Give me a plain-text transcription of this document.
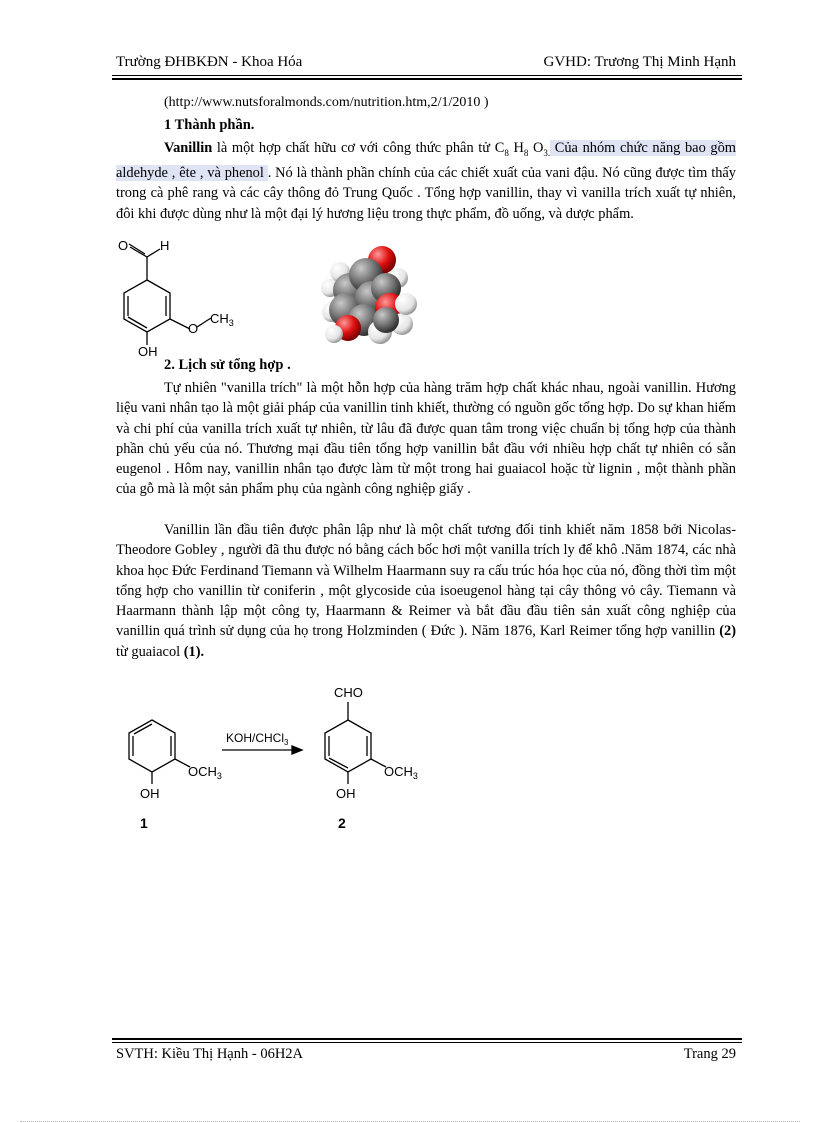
Trường ĐHBKĐN - Khoa Hóa	GVHD: Trương Thị Minh Hạnh
(http://www.nutsforalmonds.com/nutrition.htm,2/1/2010 )
1 Thành phần.
Vanillin là một hợp chất hữu cơ với công thức phân tử $C_8$ $H_8$ $O_{3.}$ Của nhóm chức năng bao gồm aldehyde , ête , và phenol . Nó là thành phần chính của các chiết xuất của vani đậu. Nó cũng được tìm thấy trong cà phê rang và các cây thông đỏ Trung Quốc . Tổng hợp vanillin, thay vì vanilla trích xuất tự nhiên, đôi khi được dùng như là một đại lý hương liệu trong thực phẩm, đồ uống, và dược phẩm.
O H
O
$CH_3$
OH
2. Lịch sử tổng hợp .
Tự nhiên "vanilla trích" là một hỗn hợp của hàng trăm hợp chất khác nhau, ngoài vanillin. Hương liệu vani nhân tạo là một giải pháp của vanillin tinh khiết, thường có nguồn gốc tổng hợp. Do sự khan hiếm và chi phí của vanilla trích xuất tự nhiên, từ lâu đã được quan tâm trong việc chuẩn bị tổng hợp của thành phần chủ yếu của nó. Thương mại đầu tiên tổng hợp vanillin bắt đầu với nhiều hợp chất tự nhiên có sẵn eugenol . Hôm nay, vanillin nhân tạo được làm từ một trong hai guaiacol hoặc từ lignin , một thành phần của gỗ mà là một sản phẩm phụ của ngành công nghiệp giấy .
Vanillin lần đầu tiên được phân lập như là một chất tương đối tinh khiết năm 1858 bởi Nicolas-Theodore Gobley , người đã thu được nó bằng cách bốc hơi một vanilla trích ly để khô .Năm 1874, các nhà khoa học Đức Ferdinand Tiemann và Wilhelm Haarmann suy ra cấu trúc hóa học của nó, đồng thời tìm một tổng hợp cho vanillin từ coniferin , một glycoside của isoeugenol hàng tại cây thông vỏ cây. Tiemann và Haarmann thành lập một công ty, Haarmann & Reimer và bắt đầu đầu tiên sản xuất công nghiệp của vanillin quá trình sử dụng của họ trong Holzminden ( Đức ). Năm 1876, Karl Reimer tổng hợp vanillin (2) từ guaiacol (1).
$OCH_3$
OH
KOH/CHCl$_3$
CHO
$OCH_3$
OH
1	2
SVTH: Kiều Thị Hạnh - 06H2A	Trang 29
